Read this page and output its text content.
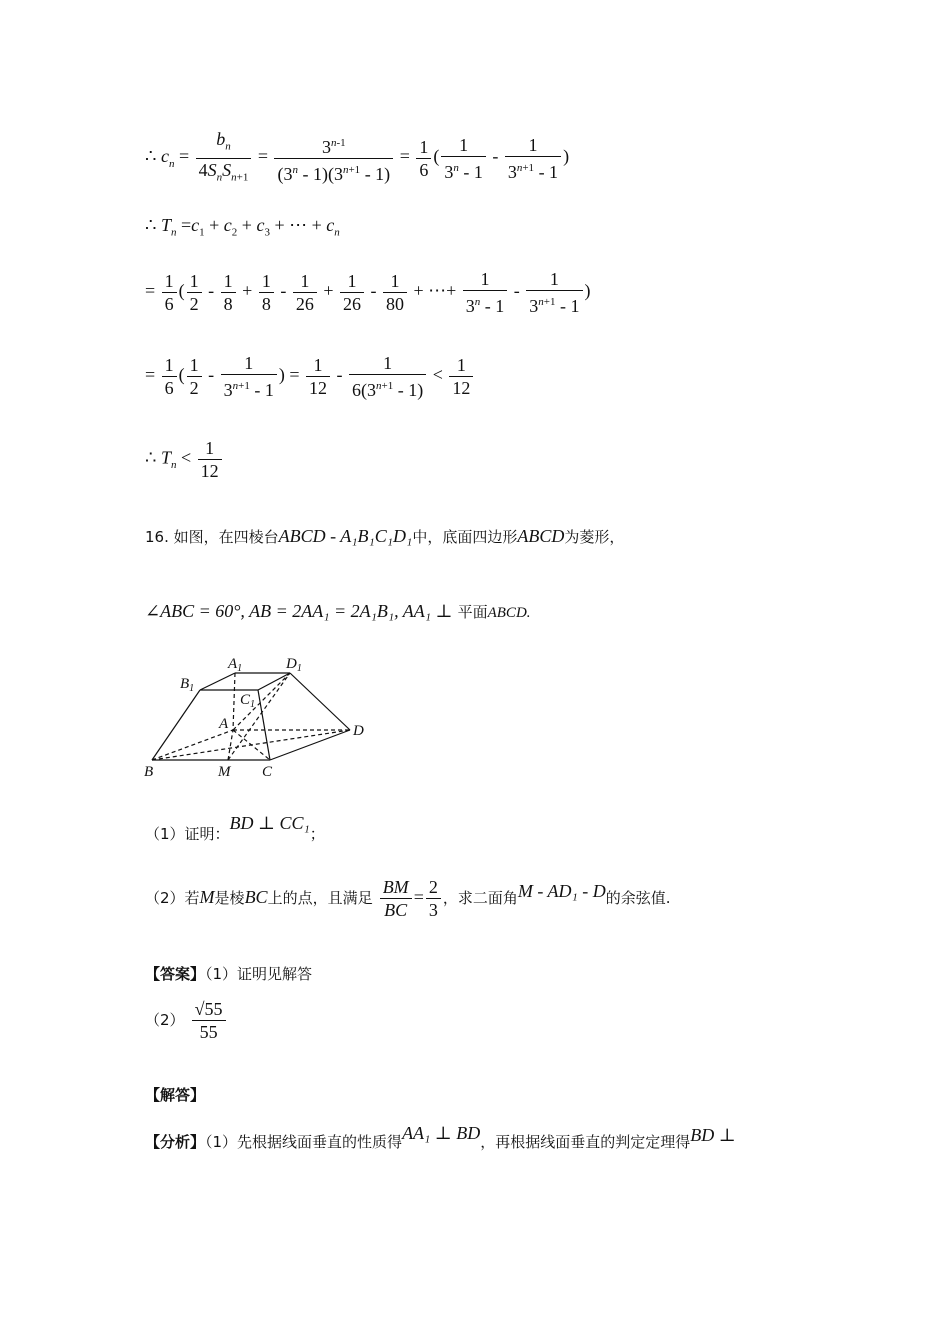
∴ $c_n = \frac{b_n}{4S_nS_{n+1}} = \frac{3^{n-1}}{(3^n - 1)(3^{n+1} - 1)} = \frac{1}{6}$ ( $\frac{1}{3^n - 1} - \frac{1}{3^{n+1} - 1}$ )
∴ $T_n =c_1 + c_2 + c_3$ + ⋯ + $c_n$
= $\frac{1}{6}$ ( $\frac{1}{2} - \frac{1}{8} + \frac{1}{8} - \frac{1}{26} + \frac{1}{26} - \frac{1}{80}$ + ⋯+ $\frac{1}{3^n - 1} - \frac{1}{3^{n+1} - 1}$ )
= $\frac{1}{6}$ ( $\frac{1}{2} - \frac{1}{3^{n+1} - 1}$ ) = $\frac{1}{12} - \frac{1}{6(3^{n+1} - 1)} < \frac{1}{12}$
∴ $T_n < \frac{1}{12}$
16. 如图，在四棱台ABCD - A₁B₁C₁D₁中，底面四边形ABCD为菱形，
∠ABC = 60°, AB = 2AA₁ = 2A₁B₁, AA₁ ⊥ 平面ABCD.
$A_1$	$D_1$
$B_1$
$C_1$
A	D
B	M C
（1）证明：BD ⊥ CC₁；
（2）若M是棱BC上的点，且满足 $\frac{BM}{BC} = \frac{2}{3}$ ，求二面角M - AD₁ - D的余弦值.
【答案】（1）证明见解答
$(2) \frac{√55}{55}$
【解答】
【分析】（1）先根据线面垂直的性质得AA₁ ⊥ BD，再根据线面垂直的判定定理得BD ⊥
